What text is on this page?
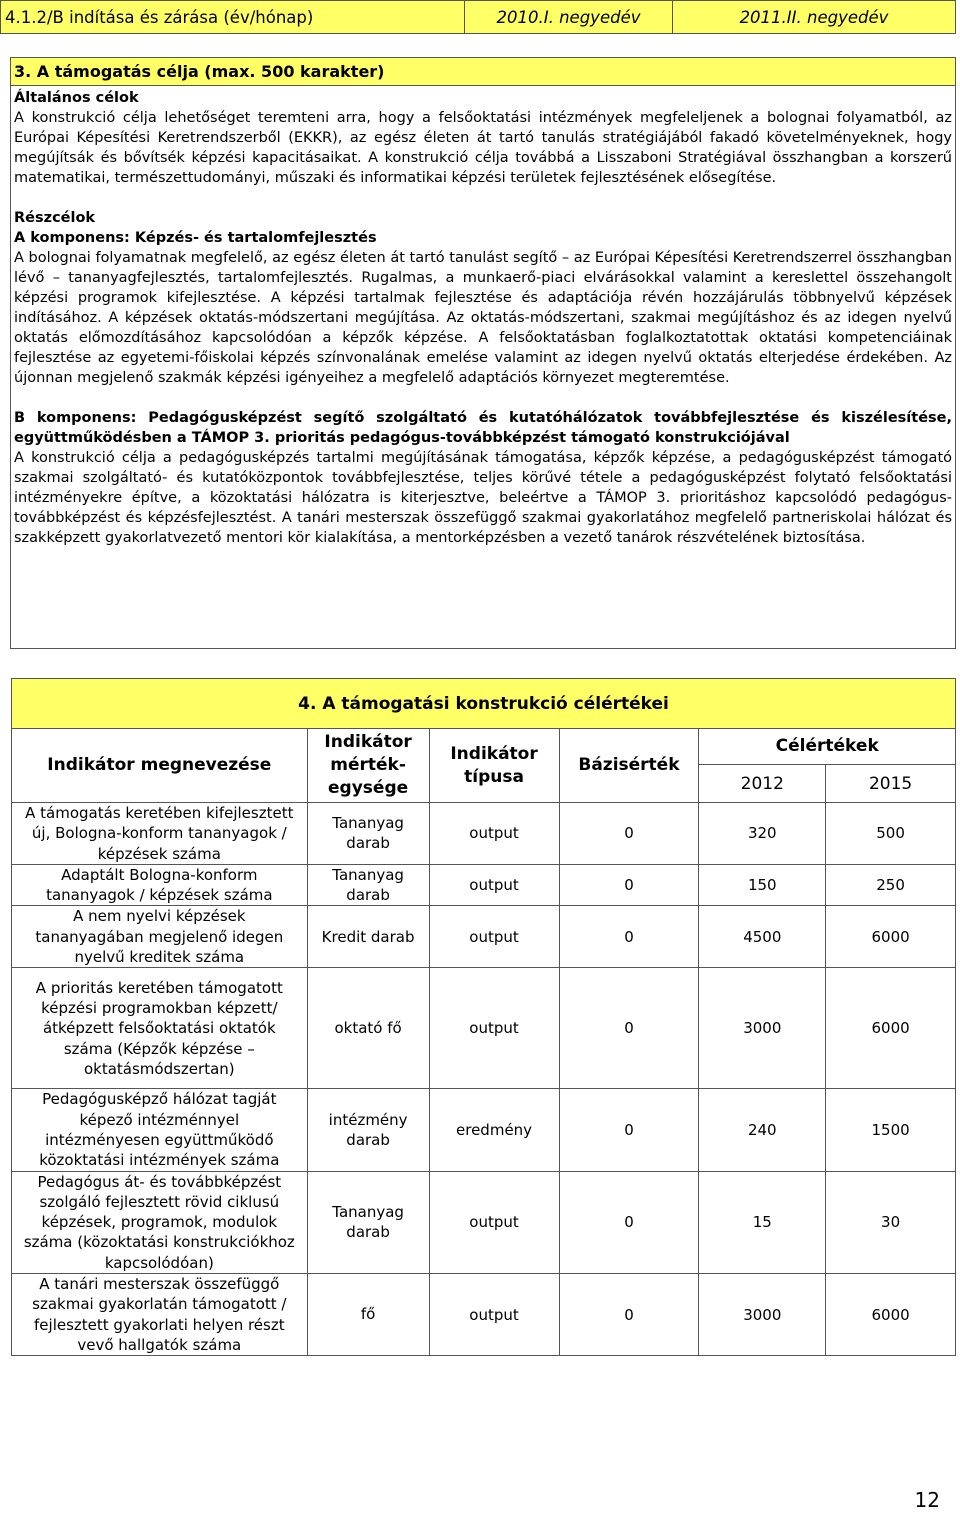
4.1.2/B indítása és zárása (év/hónap)	2010.I. negyedév	2011.II. negyedév
3. A támogatás célja (max. 500 karakter)

Általános célok

A konstrukció célja lehetőséget teremteni arra, hogy a felsőoktatási intézmények megfeleljenek a bolognai folyamatból, az Európai Képesítési Keretrendszerből (EKKR), az egész életen át tartó tanulás stratégiájából fakadó követelményeknek, hogy megújítsák és bővítsék képzési kapacitásaikat. A konstrukció célja továbbá a Lisszaboni Stratégiával összhangban a korszerű matematikai, természettudományi, műszaki és informatikai képzési területek fejlesztésének elősegítése.

Részcélok

A komponens: Képzés- és tartalomfejlesztés

A bolognai folyamatnak megfelelő, az egész életen át tartó tanulást segítő – az Európai Képesítési Keretrendszerrel összhangban lévő – tananyagfejlesztés, tartalomfejlesztés. Rugalmas, a munkaerő-piaci elvárásokkal valamint a kereslettel összehangolt képzési programok kifejlesztése. A képzési tartalmak fejlesztése és adaptációja révén hozzájárulás többnyelvű képzések indításához. A képzések oktatás-módszertani megújítása. Az oktatás-módszertani, szakmai megújításhoz és az idegen nyelvű oktatás előmozdításához kapcsolódóan a képzők képzése. A felsőoktatásban foglalkoztatottak oktatási kompetenciáinak fejlesztése az egyetemi-főiskolai képzés színvonalának emelése valamint az idegen nyelvű oktatás elterjedése érdekében. Az újonnan megjelenő szakmák képzési igényeihez a megfelelő adaptációs környezet megteremtése.

B komponens: Pedagógusképzést segítő szolgáltató és kutatóhálózatok továbbfejlesztése és kiszélesítése, együttműködésben a TÁMOP 3. prioritás pedagógus-továbbképzést támogató konstrukciójával

A konstrukció célja a pedagógusképzés tartalmi megújításának támogatása, képzők képzése, a pedagógusképzést támogató szakmai szolgáltató- és kutatóközpontok továbbfejlesztése, teljes körűvé tétele a pedagógusképzést folytató felsőoktatási intézményekre építve, a közoktatási hálózatra is kiterjesztve, beleértve a TÁMOP 3. prioritáshoz kapcsolódó pedagógus-továbbképzést és képzésfejlesztést. A tanári mesterszak összefüggő szakmai gyakorlatához megfelelő partneriskolai hálózat és szakképzett gyakorlatvezető mentori kör kialakítása, a mentorképzésben a vezető tanárok részvételének biztosítása.

4. A támogatási konstrukció célértékei					
Indikátor megnevezése	Indikátor mérték-egysége	Indikátor típusa	Bázisérték	Célértékek	
				2012	2015
A támogatás keretében kifejlesztett új, Bologna-konform tananyagok / képzések száma	Tananyag darab	output	0	320	500
Adaptált Bologna-konform tananyagok / képzések száma	Tananyag darab	output	0	150	250
A nem nyelvi képzések tananyagában megjelenő idegen nyelvű kreditek száma	Kredit darab	output	0	4500	6000
A prioritás keretében támogatott képzési programokban képzett/átképzett felsőoktatási oktatók száma (Képzők képzése – oktatásmódszertan)	oktató fő	output	0	3000	6000
Pedagógusképző hálózat tagját képező intézménnyel intézményesen együttműködő közoktatási intézmények száma	intézmény darab	eredmény	0	240	1500
Pedagógus át- és továbbképzést szolgáló fejlesztett rövid ciklusú képzések, programok, modulok száma (közoktatási konstrukciókhoz kapcsolódóan)	Tananyag darab	output	0	15	30
A tanári mesterszak összefüggő szakmai gyakorlatán támogatott / fejlesztett gyakorlati helyen részt vevő hallgatók száma	fő	output	0	3000	6000
12
